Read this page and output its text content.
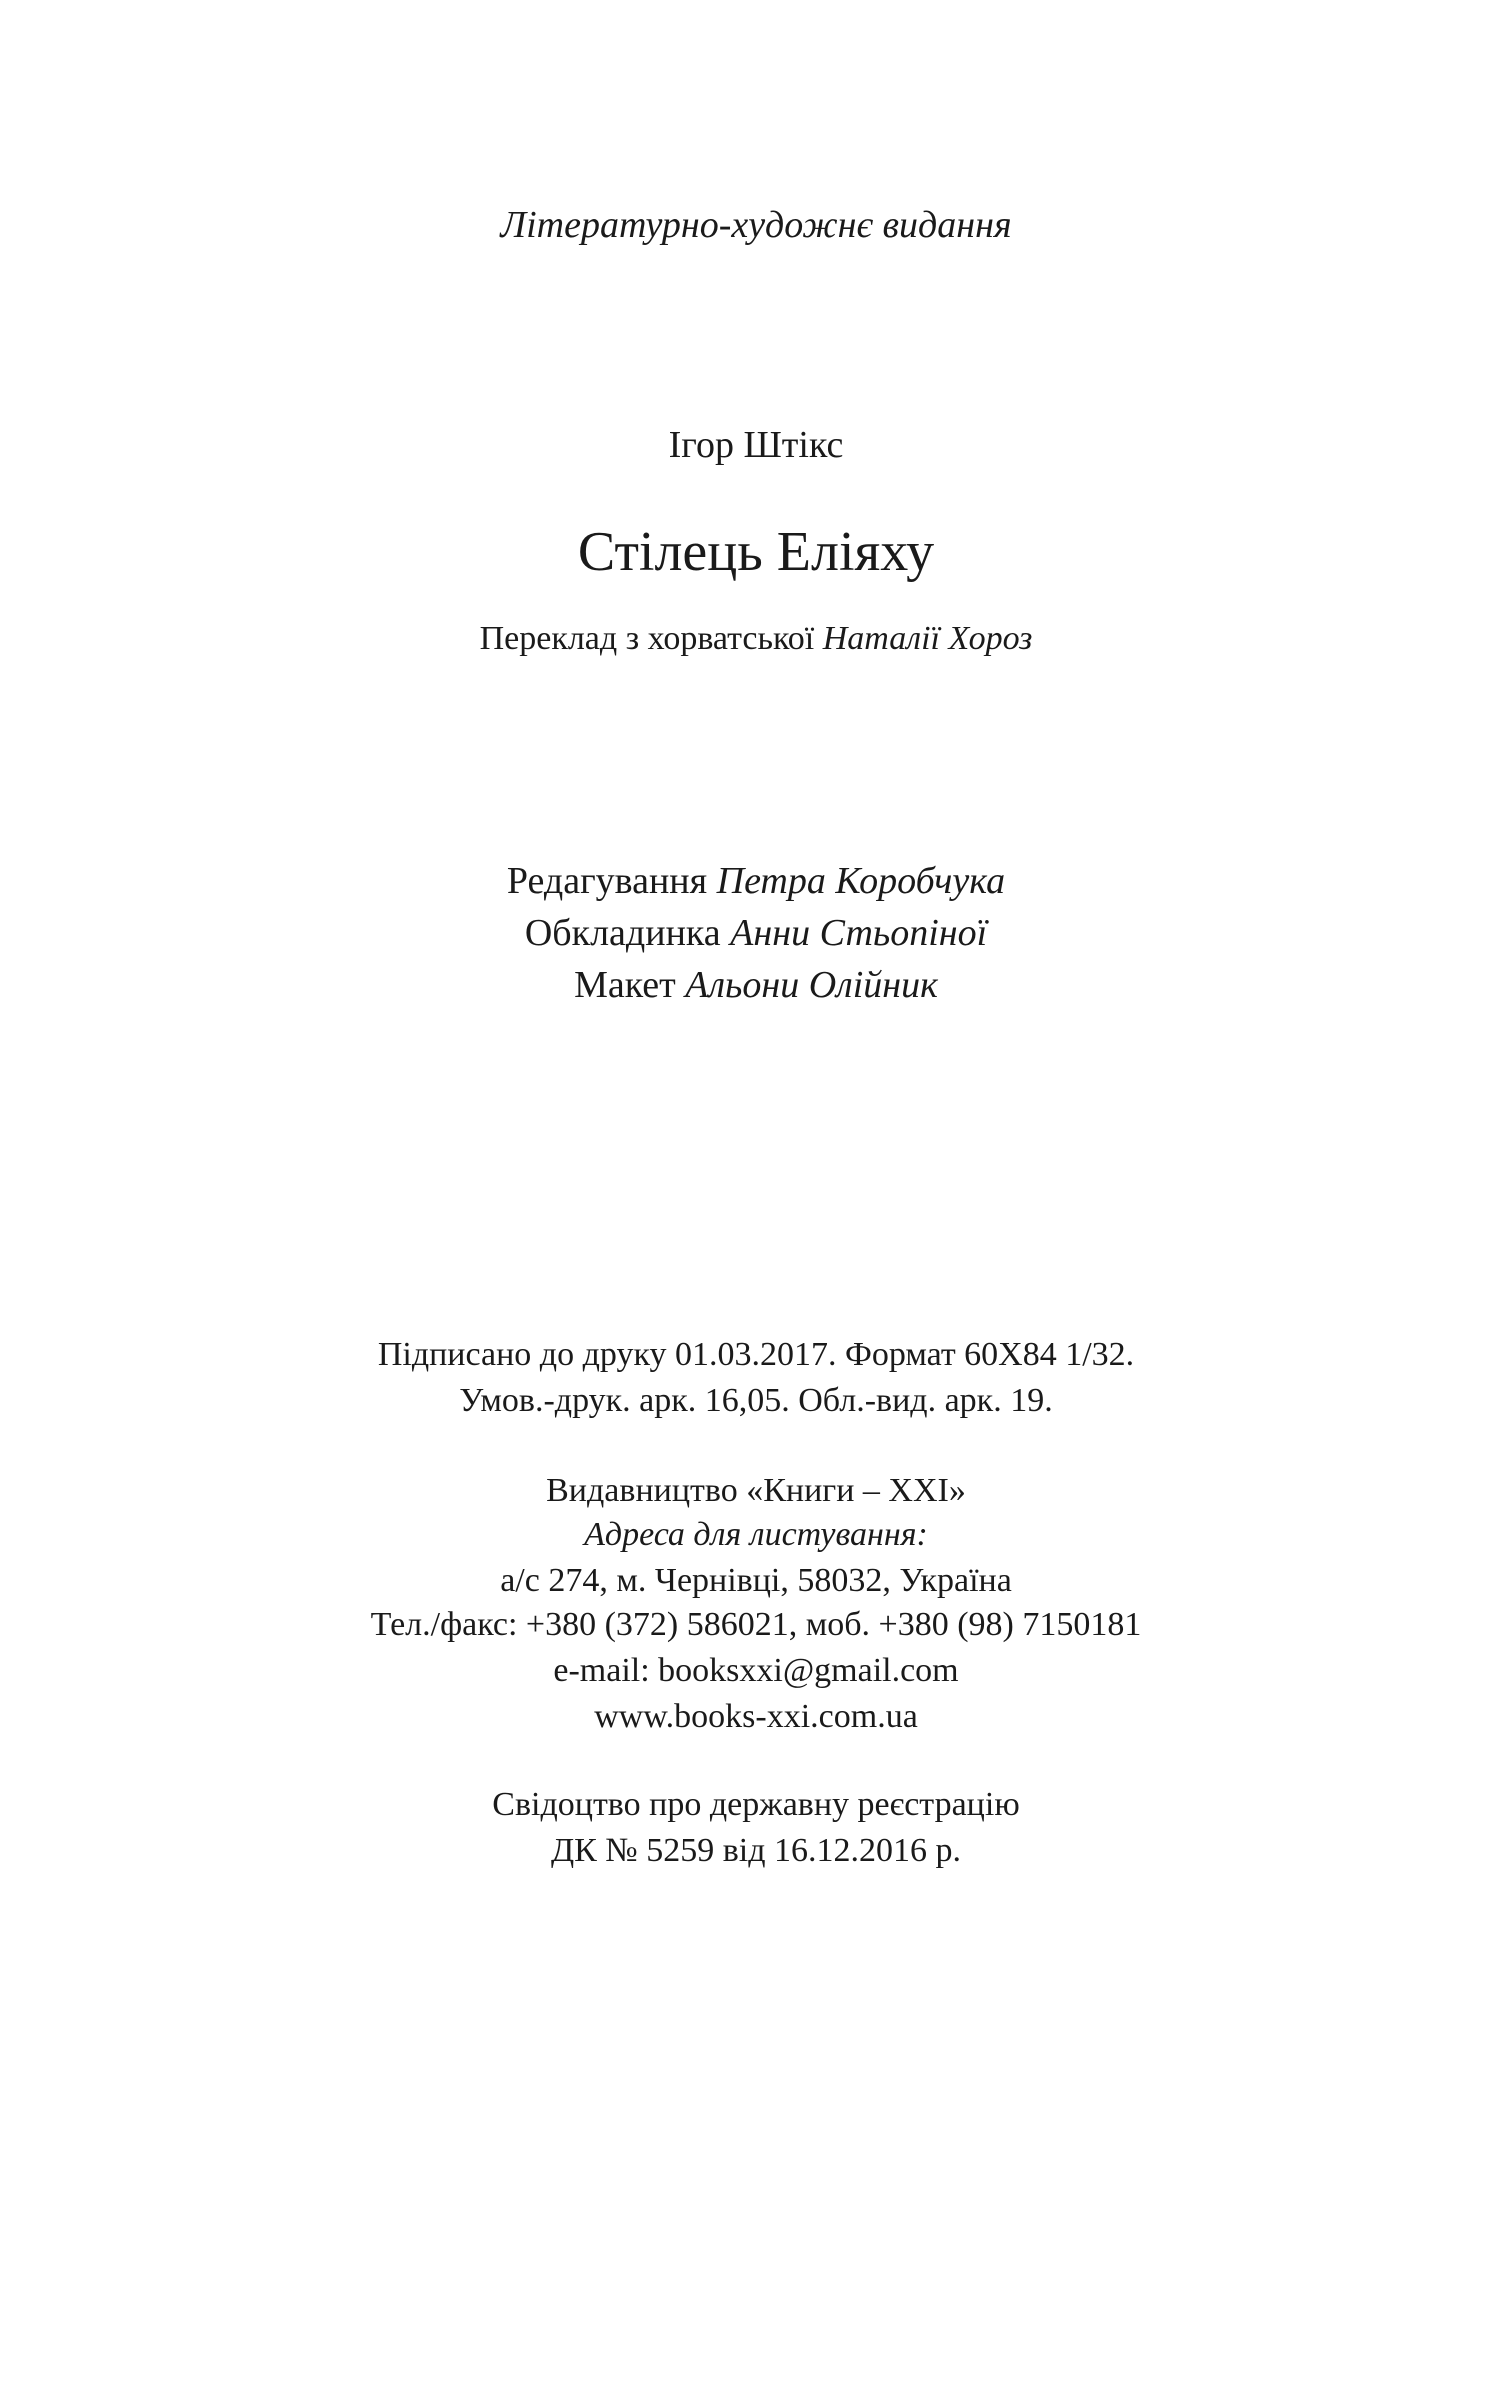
Літературно-художнє видання
Ігор Штікс
Стілець Еліяху
Переклад з хорватської Наталії Хороз
Редагування Петра Коробчука
Обкладинка Анни Стьопіної
Макет Альони Олійник
Підписано до друку 01.03.2017. Формат 60Х84 1/32.
Умов.-друк. арк. 16,05. Обл.-вид. арк. 19.
Видавництво «Книги – XXI»
Адреса для листування:
а/с 274, м. Чернівці, 58032, Україна
Тел./факс: +380 (372) 586021, моб. +380 (98) 7150181
e-mail: booksxxi@gmail.com
www.books-xxi.com.ua
Свідоцтво про державну реєстрацію
ДК № 5259 від 16.12.2016 р.
